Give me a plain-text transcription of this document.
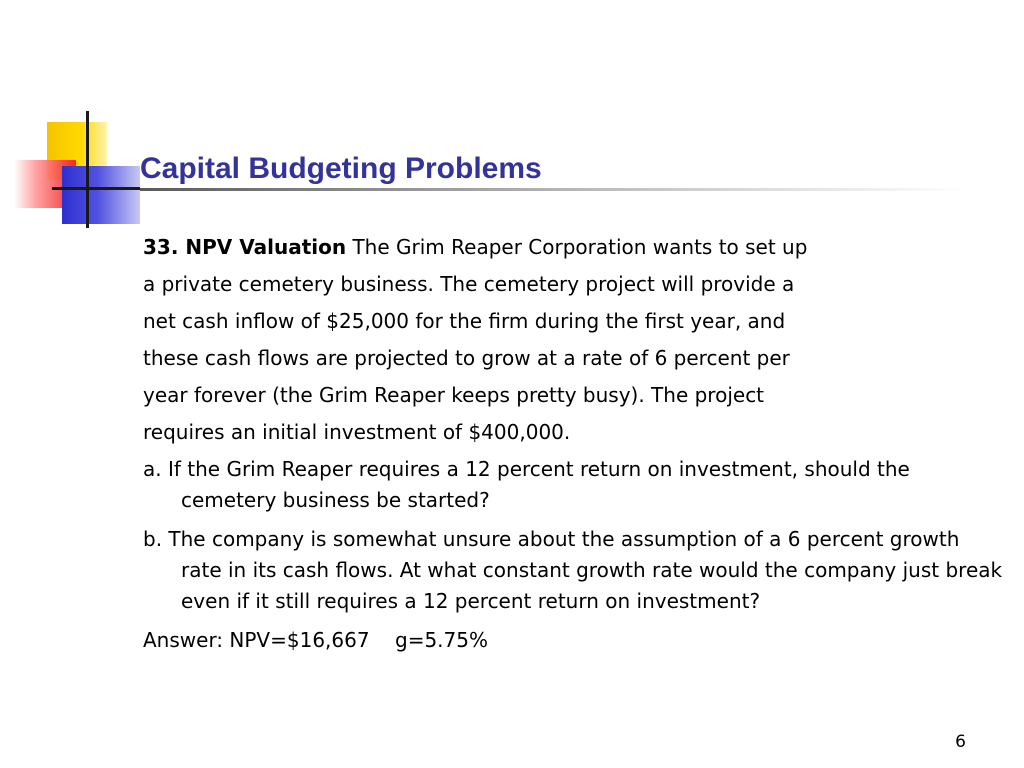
Capital Budgeting Problems

33. NPV Valuation The Grim Reaper Corporation wants to set up

a private cemetery business. The cemetery project will provide a

net cash inflow of $25,000 for the firm during the first year, and

these cash flows are projected to grow at a rate of 6 percent per

year forever (the Grim Reaper keeps pretty busy). The project

requires an initial investment of $400,000.

a. If the Grim Reaper requires a 12 percent return on investment, should the cemetery business be started?

b. The company is somewhat unsure about the assumption of a 6 percent growth rate in its cash flows. At what constant growth rate would the company just break even if it still requires a 12 percent return on investment?

Answer: NPV=$16,667    g=5.75%

6
